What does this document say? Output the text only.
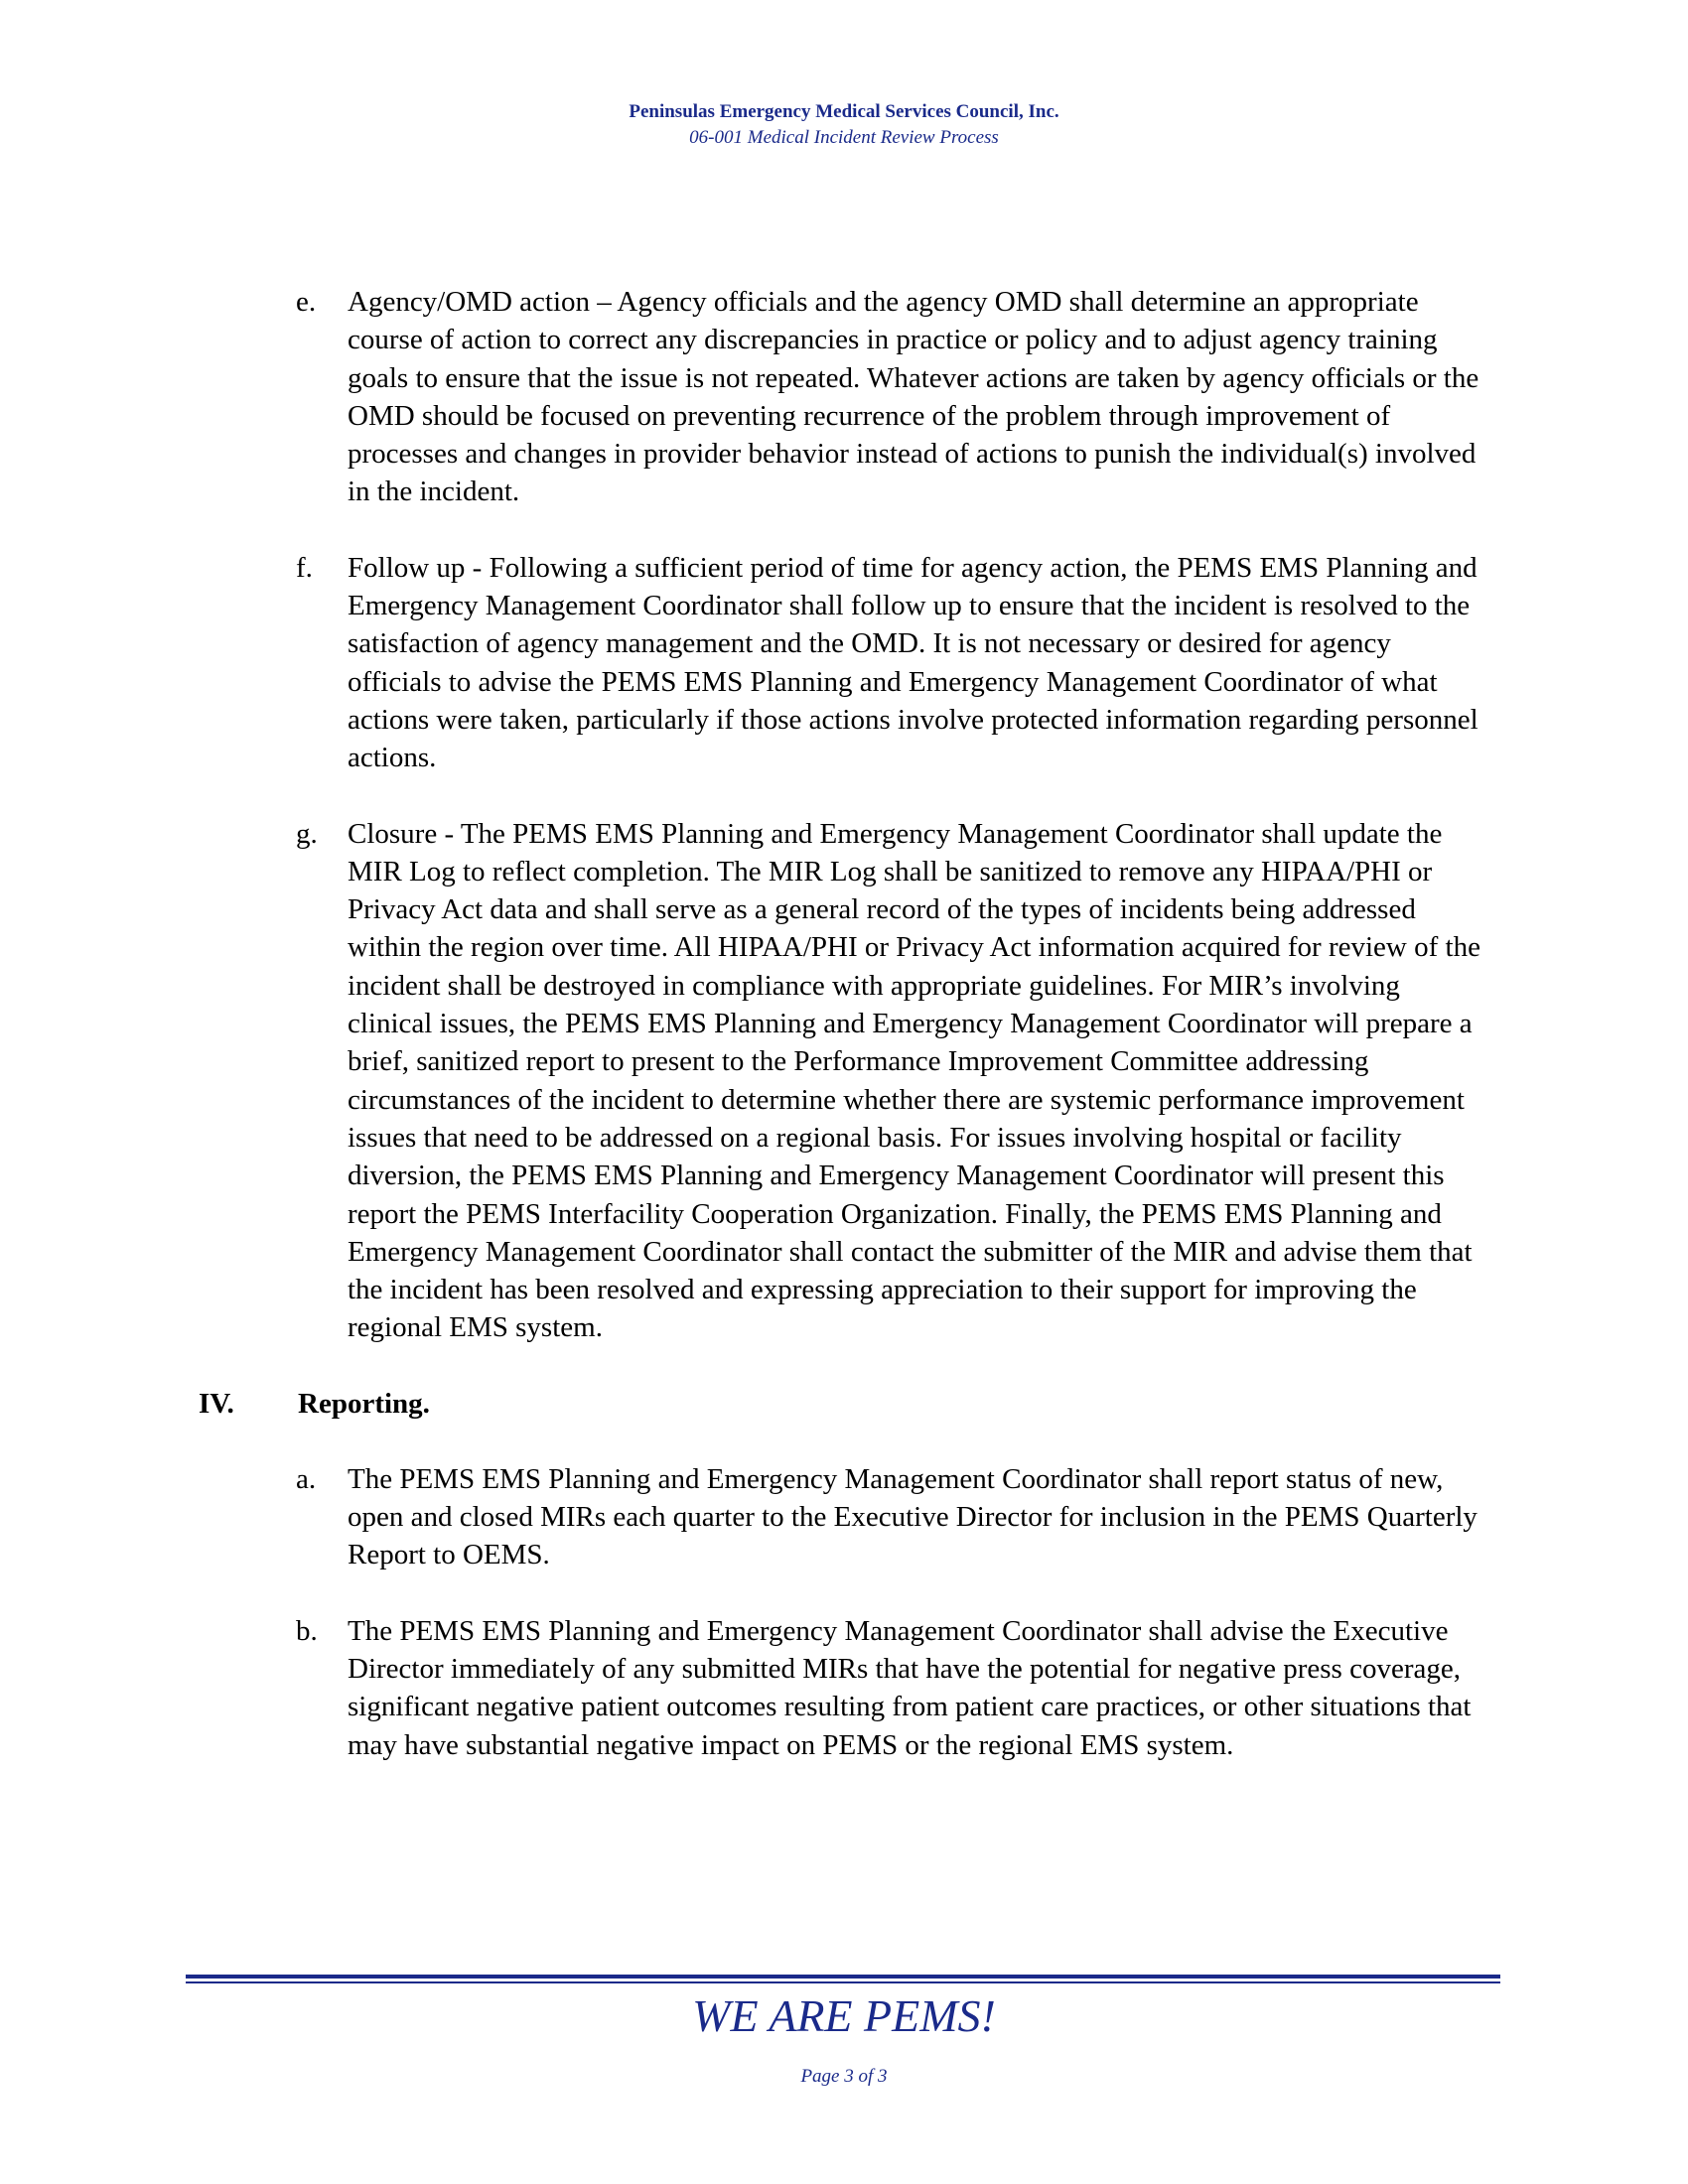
Peninsulas Emergency Medical Services Council, Inc.
06-001 Medical Incident Review Process
e. Agency/OMD action – Agency officials and the agency OMD shall determine an appropriate course of action to correct any discrepancies in practice or policy and to adjust agency training goals to ensure that the issue is not repeated. Whatever actions are taken by agency officials or the OMD should be focused on preventing recurrence of the problem through improvement of processes and changes in provider behavior instead of actions to punish the individual(s) involved in the incident.
f. Follow up - Following a sufficient period of time for agency action, the PEMS EMS Planning and Emergency Management Coordinator shall follow up to ensure that the incident is resolved to the satisfaction of agency management and the OMD. It is not necessary or desired for agency officials to advise the PEMS EMS Planning and Emergency Management Coordinator of what actions were taken, particularly if those actions involve protected information regarding personnel actions.
g. Closure - The PEMS EMS Planning and Emergency Management Coordinator shall update the MIR Log to reflect completion. The MIR Log shall be sanitized to remove any HIPAA/PHI or Privacy Act data and shall serve as a general record of the types of incidents being addressed within the region over time. All HIPAA/PHI or Privacy Act information acquired for review of the incident shall be destroyed in compliance with appropriate guidelines. For MIR’s involving clinical issues, the PEMS EMS Planning and Emergency Management Coordinator will prepare a brief, sanitized report to present to the Performance Improvement Committee addressing circumstances of the incident to determine whether there are systemic performance improvement issues that need to be addressed on a regional basis. For issues involving hospital or facility diversion, the PEMS EMS Planning and Emergency Management Coordinator will present this report the PEMS Interfacility Cooperation Organization. Finally, the PEMS EMS Planning and Emergency Management Coordinator shall contact the submitter of the MIR and advise them that the incident has been resolved and expressing appreciation to their support for improving the regional EMS system.
IV. Reporting.
a. The PEMS EMS Planning and Emergency Management Coordinator shall report status of new, open and closed MIRs each quarter to the Executive Director for inclusion in the PEMS Quarterly Report to OEMS.
b. The PEMS EMS Planning and Emergency Management Coordinator shall advise the Executive Director immediately of any submitted MIRs that have the potential for negative press coverage, significant negative patient outcomes resulting from patient care practices, or other situations that may have substantial negative impact on PEMS or the regional EMS system.
WE ARE PEMS!
Page 3 of 3
